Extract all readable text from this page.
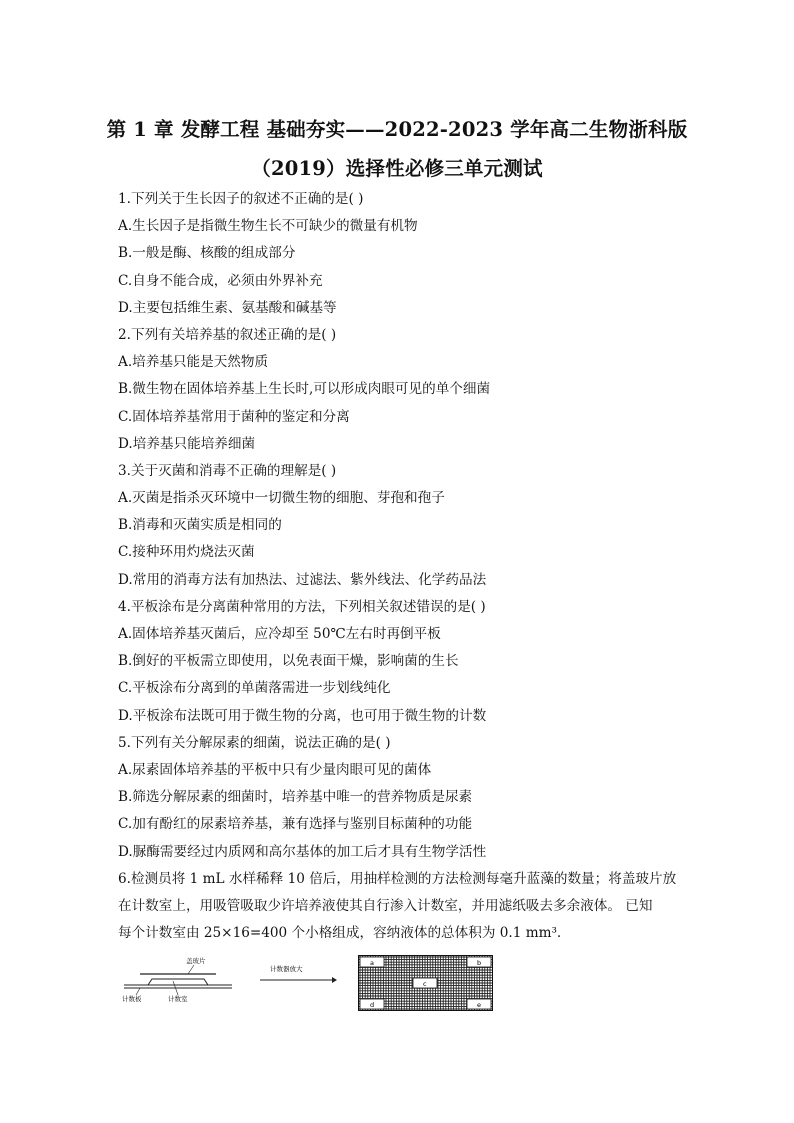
第 1 章 发酵工程 基础夯实——2022-2023 学年高二生物浙科版
（2019）选择性必修三单元测试
1.下列关于生长因子的叙述不正确的是( )
A.生长因子是指微生物生长不可缺少的微量有机物
B.一般是酶、核酸的组成部分
C.自身不能合成，必须由外界补充
D.主要包括维生素、氨基酸和碱基等
2.下列有关培养基的叙述正确的是( )
A.培养基只能是天然物质
B.微生物在固体培养基上生长时,可以形成肉眼可见的单个细菌
C.固体培养基常用于菌种的鉴定和分离
D.培养基只能培养细菌
3.关于灭菌和消毒不正确的理解是( )
A.灭菌是指杀灭环境中一切微生物的细胞、芽孢和孢子
B.消毒和灭菌实质是相同的
C.接种环用灼烧法灭菌
D.常用的消毒方法有加热法、过滤法、紫外线法、化学药品法
4.平板涂布是分离菌种常用的方法，下列相关叙述错误的是( )
A.固体培养基灭菌后，应冷却至 50℃左右时再倒平板
B.倒好的平板需立即使用，以免表面干燥，影响菌的生长
C.平板涂布分离到的单菌落需进一步划线纯化
D.平板涂布法既可用于微生物的分离，也可用于微生物的计数
5.下列有关分解尿素的细菌，说法正确的是( )
A.尿素固体培养基的平板中只有少量肉眼可见的菌体
B.筛选分解尿素的细菌时，培养基中唯一的营养物质是尿素
C.加有酚红的尿素培养基，兼有选择与鉴别目标菌种的功能
D.脲酶需要经过内质网和高尔基体的加工后才具有生物学活性
6.检测员将 1 mL 水样稀释 10 倍后，用抽样检测的方法检测每毫升蓝藻的数量；将盖玻片放
在计数室上，用吸管吸取少许培养液使其自行渗入计数室，并用滤纸吸去多余液体。 已知
每个计数室由 25×16=400 个小格组成，容纳液体的总体积为 0.1 mm³.
盖玻片
计数板	计数室
计数器放大
a	b
c
d	e
